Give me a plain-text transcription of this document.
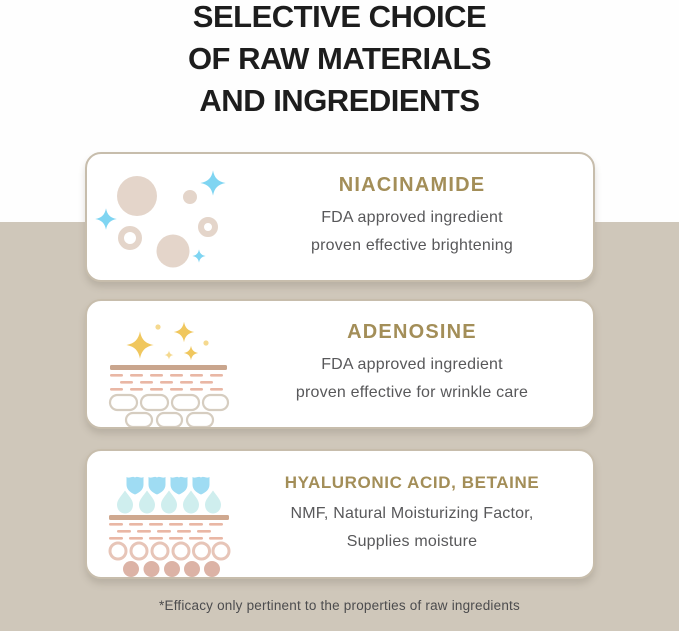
SELECTIVE CHOICE
OF RAW MATERIALS
AND INGREDIENTS
NIACINAMIDE

FDA approved ingredient

proven effective brightening

ADENOSINE

FDA approved ingredient

proven effective for wrinkle care

HYALURONIC ACID, BETAINE

NMF, Natural Moisturizing Factor,

Supplies moisture

*Efficacy only pertinent to the properties of raw ingredients
